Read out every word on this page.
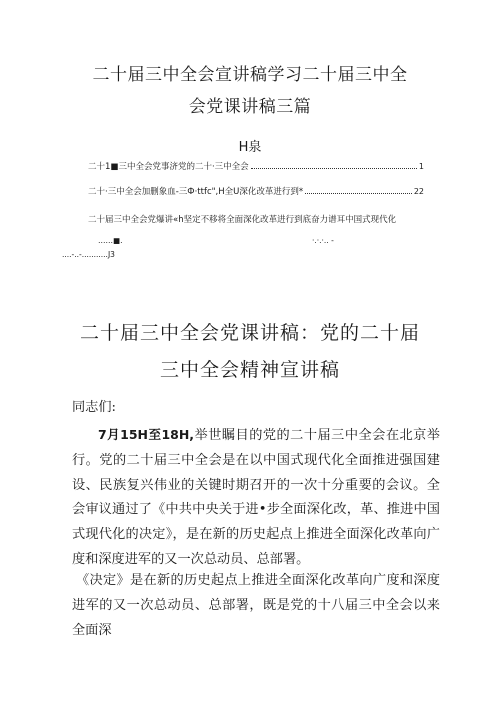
二十届三中全会宣讲稿学习二十届三中全
会党课讲稿三篇
H泉
二十1■三中全会党事济党的二十·三中全会	1
二十·三中全会加删象血-三Ф·ttfc",H全U深化改革进行到*	22
二十届三中全会党爆讲«h坚定不移将全面深化改革进行到底奋力谱耳中国式现代化
……■.	·.·.·.. -
....-..-...........J3
二十届三中全会党课讲稿：党的二十届
三中全会精神宣讲稿
同志们:
7月15H至18H,举世瞩目的党的二十届三中全会在北京举行。党的二十届三中全会是在以中国式现代化全面推进强国建设、民族复兴伟业的关键时期召开的一次十分重要的会议。全会审议通过了《中共中央关于进•步全面深化改，革、推进中国式现代化的决定》，是在新的历史起点上推进全面深化改革向广度和深度进军的又一次总动员、总部署。
《决定》是在新的历史起点上推进全面深化改革向广度和深度进军的又一次总动员、总部署，既是党的十八届三中全会以来全面深
